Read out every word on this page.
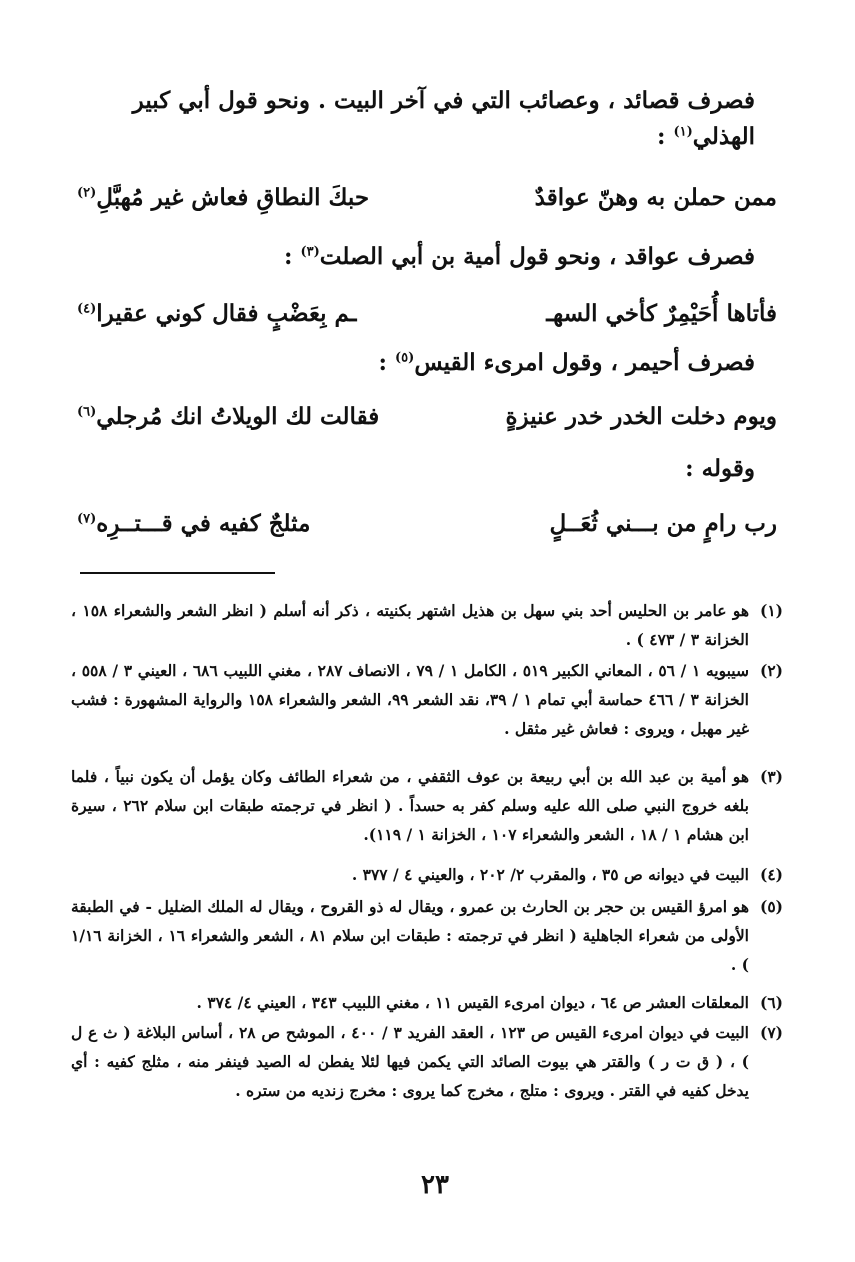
فصرف قصائد ، وعصائب التي في آخر البيت . ونحو قول أبي كبير
الهذلي$^{(١)}$ :
ممن حملن به وهنّ عواقدٌ
حبكَ النطاقِ فعاش غير مُهبَّلِ$^{(٢)}$
فصرف عواقد ، ونحو قول أمية بن أبي الصلت$^{(٣)}$ :
فأتاها أُحَيْمِرٌ كأخي السهـ
ـم بِعَضْبٍ فقال كوني عقيرا$^{(٤)}$
فصرف أحيمر ، وقول امرىء القيس$^{(٥)}$ :
ويوم دخلت الخدر خدر عنيزةٍ
فقالت لك الويلاتُ انك مُرجلي$^{(٦)}$
وقوله :
رب رامٍ من بـــني ثُعَــلٍ
مثلجٌ كفيه في قـــتــرِه$^{(٧)}$
(١)
هو عامر بن الحليس أحد بني سهل بن هذيل اشتهر بكنيته ، ذكر أنه أسلم ( انظر الشعر والشعراء ١٥٨ ، الخزانة ٣ / ٤٧٣ ) .
(٢)
سيبويه ١ / ٥٦ ، المعاني الكبير ٥١٩ ، الكامل ١ / ٧٩ ، الانصاف ٢٨٧ ، مغني اللبيب ٦٨٦ ، العيني ٣ / ٥٥٨ ، الخزانة ٣ / ٤٦٦ حماسة أبي تمام ١ / ٣٩، نقد الشعر ٩٩، الشعر والشعراء ١٥٨ والرواية المشهورة : فشب غير مهبل ، ويروى : فعاش غير مثقل .
(٣)
هو أمية بن عبد الله بن أبي ربيعة بن عوف الثقفي ، من شعراء الطائف وكان يؤمل أن يكون نبياً ، فلما بلغه خروج النبي صلى الله عليه وسلم كفر به حسداً . ( انظر في ترجمته طبقات ابن سلام ٢٦٢ ، سيرة ابن هشام ١ / ١٨ ، الشعر والشعراء ١٠٧ ، الخزانة ١ / ١١٩).
(٤)
البيت في ديوانه ص ٣٥ ، والمقرب ٢/ ٢٠٢ ، والعيني ٤ / ٣٧٧ .
(٥)
هو امرؤ القيس بن حجر بن الحارث بن عمرو ، ويقال له ذو القروح ، ويقال له الملك الضليل - في الطبقة الأولى من شعراء الجاهلية ( انظر في ترجمته : طبقات ابن سلام ٨١ ، الشعر والشعراء ١٦ ، الخزانة ١/١٦ ) .
(٦)
المعلقات العشر ص ٦٤ ، ديوان امرىء القيس ١١ ، مغني اللبيب ٣٤٣ ، العيني ٤/ ٣٧٤ .
(٧)
البيت في ديوان امرىء القيس ص ١٢٣ ، العقد الفريد ٣ / ٤٠٠ ، الموشح ص ٢٨ ، أساس البلاغة ( ث ع ل ) ، ( ق ت ر ) والقتر هي بيوت الصائد التي يكمن فيها لئلا يفطن له الصيد فينفر منه ، مثلج كفيه : أي يدخل كفيه في القتر . ويروى : متلج ، مخرج كما يروى : مخرج زنديه من ستره .
٢٣
